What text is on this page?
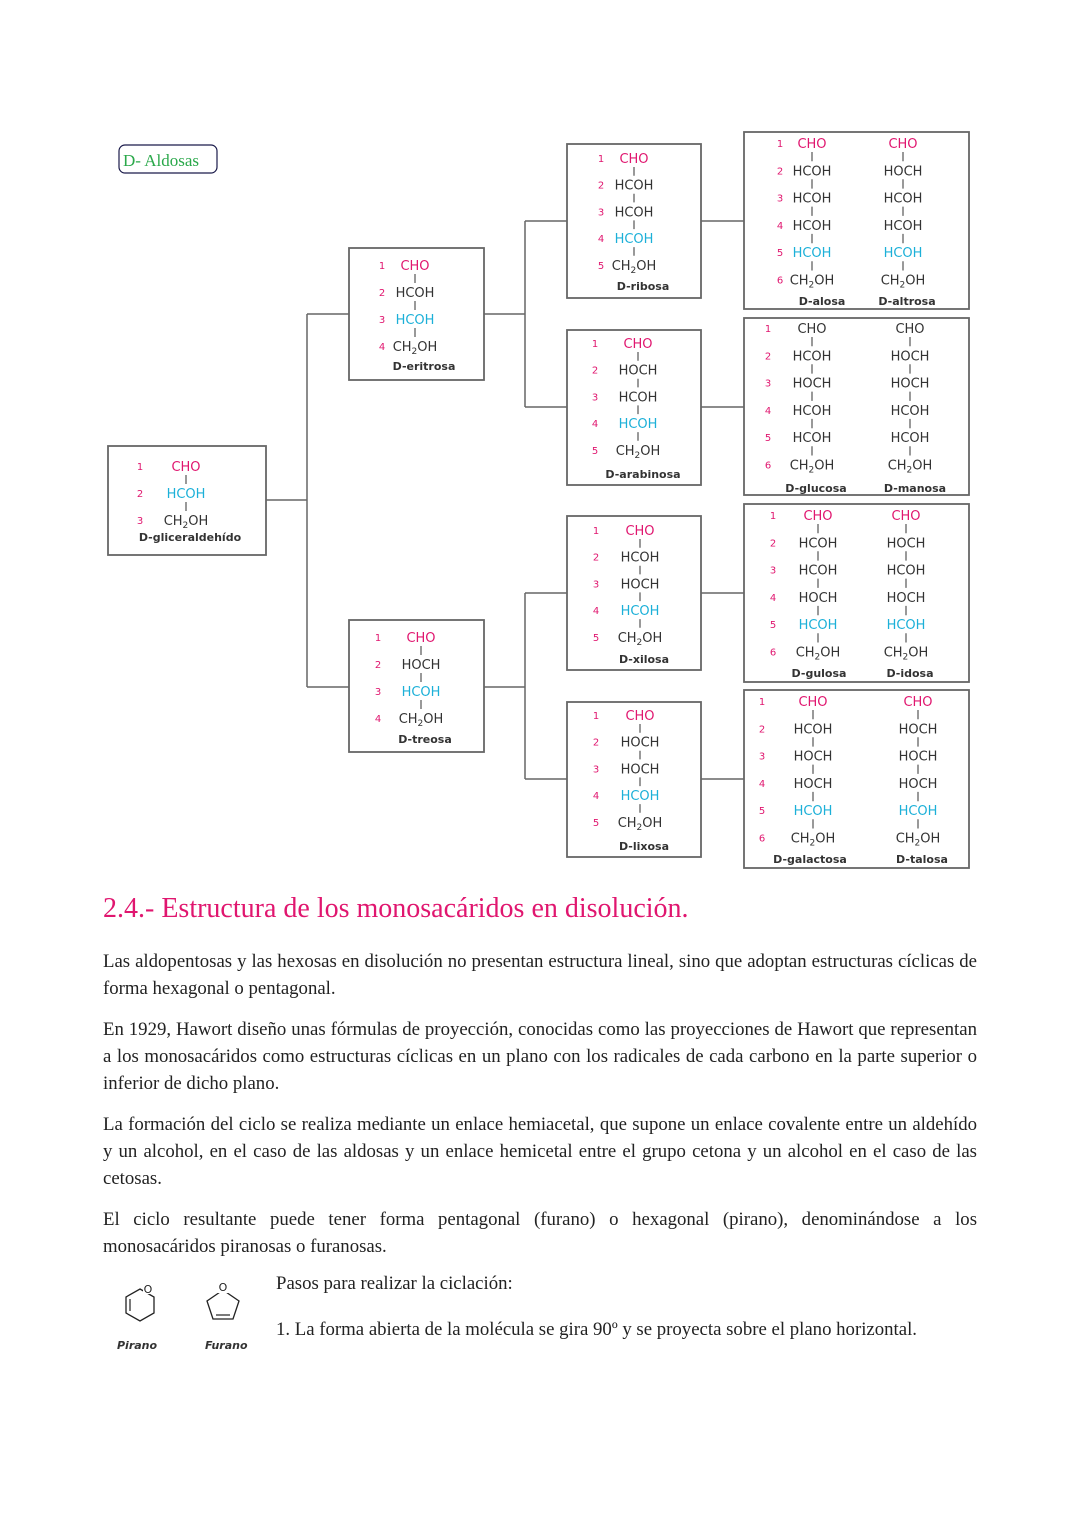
D- Aldosas
CHO
1
HCOH
2
$CH_2OH$
3
D-gliceraldehído
CHO
1
HCOH
2
HCOH
3
$CH_2OH$
4
D-eritrosa
CHO
1
HOCH
2
HCOH
3
$CH_2OH$
4
D-treosa
CHO
1
HCOH
2
HCOH
3
HCOH
4
$CH_2OH$
5
D-ribosa
CHO
1
HOCH
2
HCOH
3
HCOH
4
$CH_2OH$
5
D-arabinosa
CHO
1
HCOH
2
HOCH
3
HCOH
4
$CH_2OH$
5
D-xilosa
CHO
1
HOCH
2
HOCH
3
HCOH
4
$CH_2OH$
5
D-lixosa
CHO
1
HCOH
2
HCOH
3
HCOH
4
HCOH
5
$CH_2OH$
6
D-alosa
CHO
HOCH
HCOH
HCOH
HCOH
$CH_2OH$
D-altrosa
CHO
1
HCOH
2
HOCH
3
HCOH
4
HCOH
5
$CH_2OH$
6
D-glucosa
CHO
HOCH
HOCH
HCOH
HCOH
$CH_2OH$
D-manosa
CHO
1
HCOH
2
HCOH
3
HOCH
4
HCOH
5
$CH_2OH$
6
D-gulosa
CHO
HOCH
HCOH
HOCH
HCOH
$CH_2OH$
D-idosa
CHO
1
HCOH
2
HOCH
3
HOCH
4
HCOH
5
$CH_2OH$
6
D-galactosa
CHO
HOCH
HOCH
HOCH
HCOH
$CH_2OH$
D-talosa
2.4.- Estructura de los monosacáridos en disolución.

Las aldopentosas y las hexosas en disolución no presentan estructura lineal, sino que adoptan estructuras cíclicas de forma hexagonal o pentagonal.

En 1929, Hawort diseño unas fórmulas de proyección, conocidas como las proyecciones de Hawort que representan a los monosacáridos como estructuras cíclicas en un plano con los radicales de cada carbono en la parte superior o inferior de dicho plano.

La formación del ciclo se realiza mediante un enlace hemiacetal, que supone un enlace covalente entre un aldehído y un alcohol, en el caso de las aldosas y un enlace hemicetal entre el grupo cetona y un alcohol en el caso de las cetosas.

El ciclo resultante puede tener forma pentagonal (furano) o hexagonal (pirano), denominándose a los monosacáridos piranosas o furanosas.

O
Pirano
O
Furano
Pasos para realizar la ciclación:

1. La forma abierta de la molécula se gira 90º y se proyecta sobre el plano horizontal.
